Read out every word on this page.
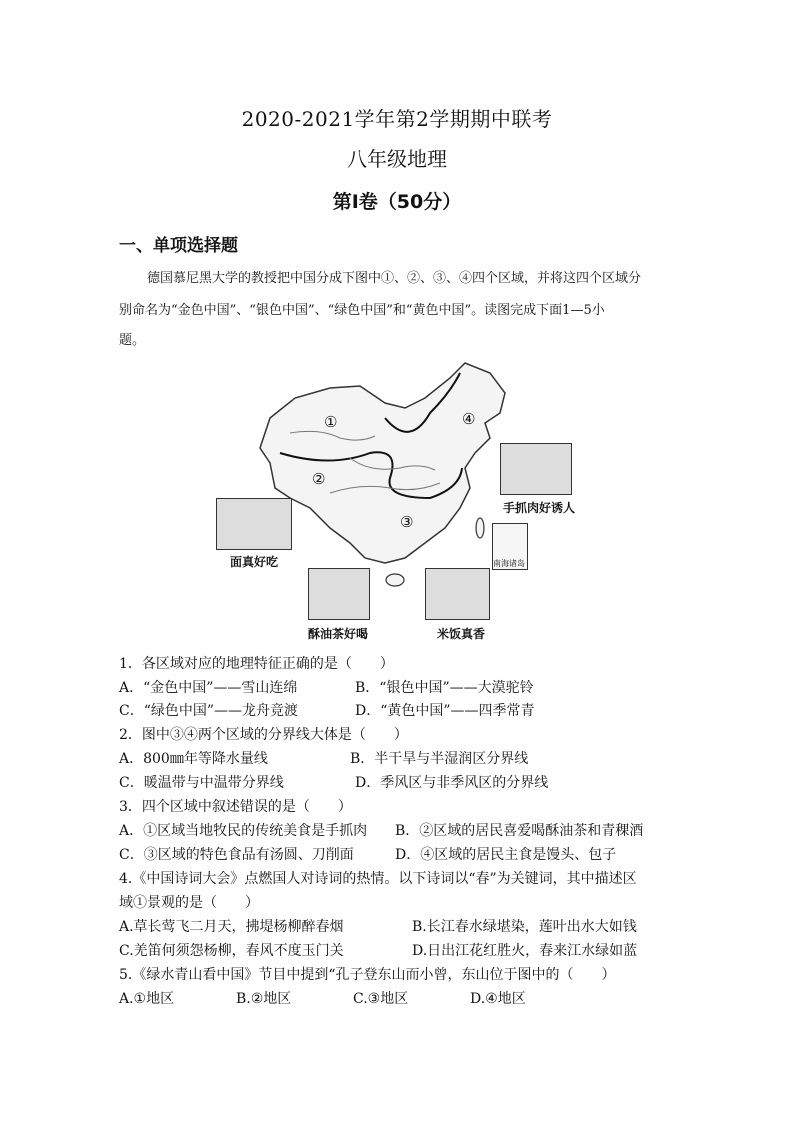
2020-2021学年第2学期期中联考
八年级地理
第Ⅰ卷（50分）
一、单项选择题
德国慕尼黑大学的教授把中国分成下图中①、②、③、④四个区域，并将这四个区域分
别命名为“金色中国”、“银色中国”、“绿色中国”和“黄色中国”。读图完成下面1—5小
题。
①
②
③
④
面真好吃
酥油茶好喝	米饭真香
手抓肉好诱人
南海诸岛
1．各区域对应的地理特征正确的是（　　）
A．“金色中国”——雪山连绵	B．“银色中国”——大漠驼铃
C．“绿色中国”——龙舟竞渡	D．“黄色中国”——四季常青
2．图中③④两个区域的分界线大体是（　　）
A．800㎜年等降水量线	B．半干旱与半湿润区分界线
C．暖温带与中温带分界线	D．季风区与非季风区的分界线
3．四个区域中叙述错误的是（　　）
A．①区域当地牧民的传统美食是手抓肉 B．②区域的居民喜爱喝酥油茶和青稞酒
C．③区域的特色食品有汤圆、刀削面	D．④区域的居民主食是馒头、包子
4.《中国诗词大会》点燃国人对诗词的热情。以下诗词以“春”为关键词，其中描述区
域①景观的是（　　）
A.草长莺飞二月天，拂堤杨柳醉春烟	B.长江春水绿堪染，莲叶出水大如钱
C.羌笛何须怨杨柳，春风不度玉门关	D.日出江花红胜火，春来江水绿如蓝
5.《绿水青山看中国》节目中提到“孔子登东山而小曾，东山位于图中的（　　）
A.①地区	B.②地区	C.③地区	D.④地区
